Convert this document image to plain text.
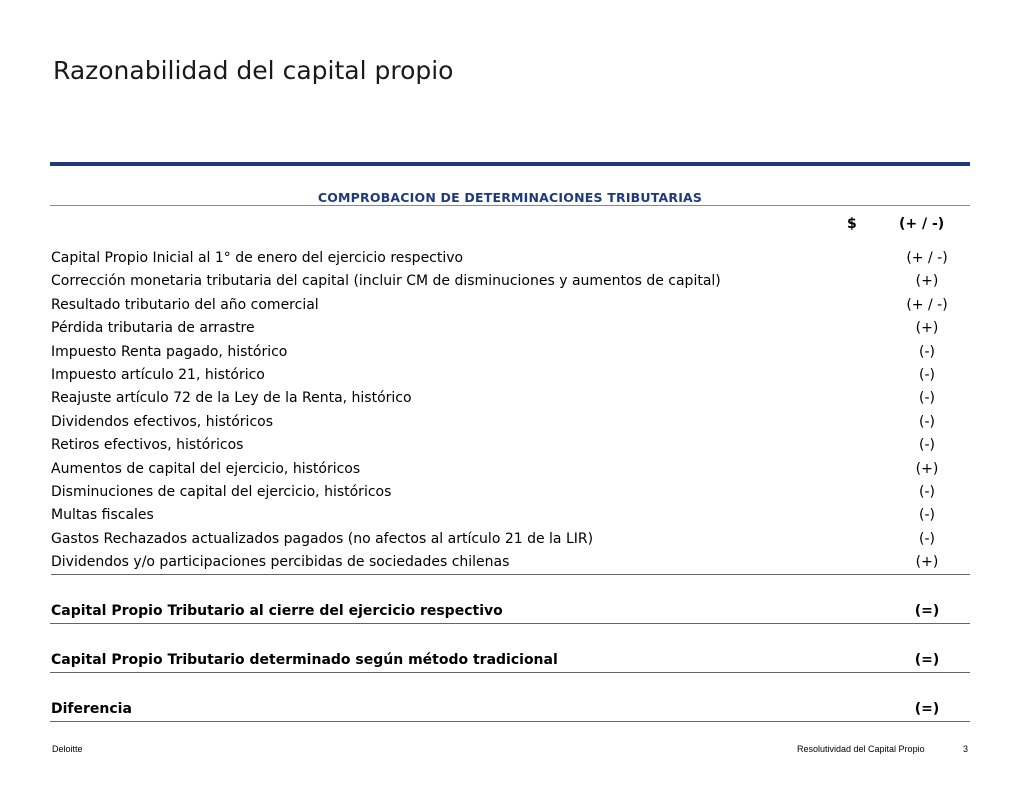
Razonabilidad del capital propio
COMPROBACION DE DETERMINACIONES TRIBUTARIAS
$	(+ / -)
Capital Propio Inicial al 1° de enero del ejercicio respectivo	(+ / -)
Corrección monetaria tributaria del capital (incluir CM de disminuciones y aumentos de capital)	(+)
Resultado tributario del año comercial	(+ / -)
Pérdida tributaria de arrastre	(+)
Impuesto Renta pagado, histórico	(-)
Impuesto artículo 21, histórico	(-)
Reajuste artículo 72 de la Ley de la Renta, histórico	(-)
Dividendos efectivos, históricos	(-)
Retiros efectivos, históricos	(-)
Aumentos de capital del ejercicio, históricos	(+)
Disminuciones de capital del ejercicio, históricos	(-)
Multas fiscales	(-)
Gastos Rechazados actualizados pagados (no afectos al artículo 21 de la LIR)	(-)
Dividendos y/o participaciones percibidas de sociedades chilenas	(+)
Capital Propio Tributario al cierre del ejercicio respectivo	(=)
Capital Propio Tributario determinado según método tradicional	(=)
Diferencia	(=)
Deloitte	Resolutividad del Capital Propio	3
